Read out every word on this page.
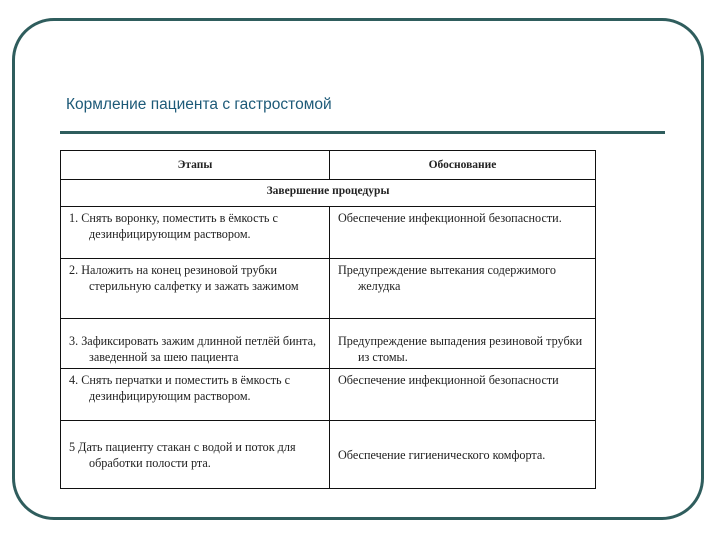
Кормление пациента с гастростомой
Этапы	Обоснование
Завершение процедуры	

1. Снять воронку, поместить в ёмкость с дезинфицирующим раствором.	Обеспечение инфекционной безопасности.

2. Наложить на конец резиновой трубки стерильную салфетку и зажать зажимом	Предупреждение вытекания содержимого желудка

3. Зафиксировать зажим длинной петлёй бинта, заведенной за шею пациента	Предупреждение выпадения резиновой трубки из стомы.

4. Снять перчатки и поместить в ёмкость с дезинфицирующим раствором.	Обеспечение инфекционной безопасности

5 Дать пациенту стакан с водой и поток для обработки полости рта.	Обеспечение гигиенического комфорта.
